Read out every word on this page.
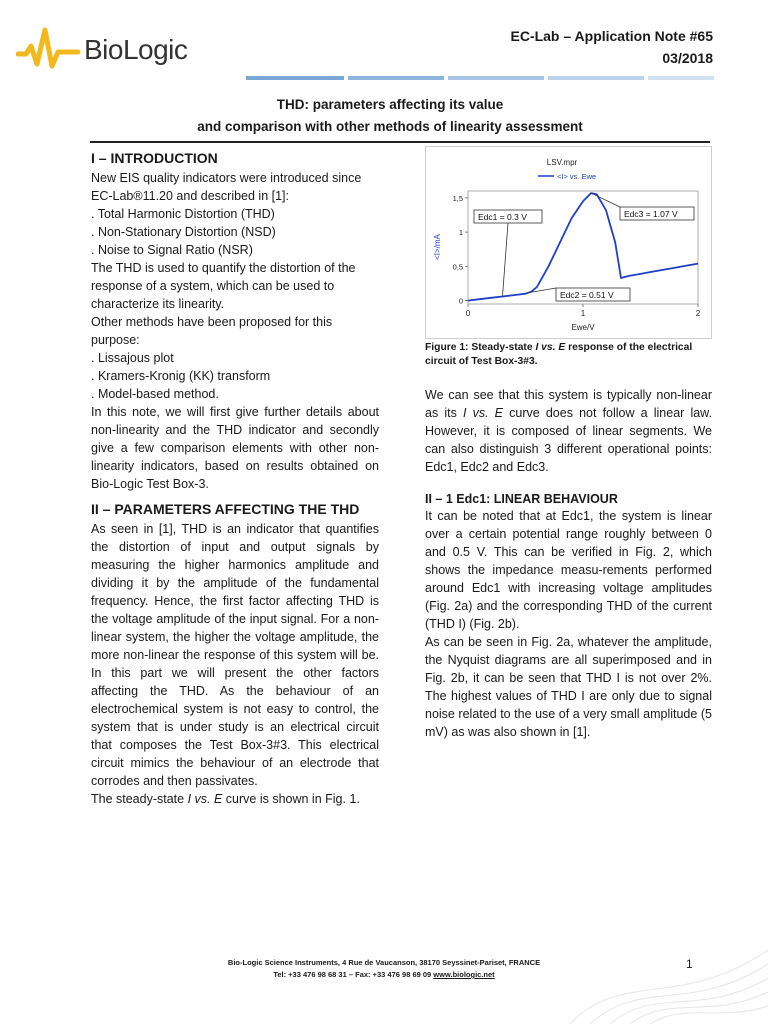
BioLogic	EC-Lab – Application Note #65
03/2018
THD: parameters affecting its value
and comparison with other methods of linearity assessment
I – INTRODUCTION
New EIS quality indicators were introduced since EC-Lab®11.20 and described in [1]:
. Total Harmonic Distortion (THD)
. Non-Stationary Distortion (NSD)
. Noise to Signal Ratio (NSR)
The THD is used to quantify the distortion of the response of a system, which can be used to characterize its linearity.
Other methods have been proposed for this purpose:
. Lissajous plot
. Kramers-Kronig (KK) transform
. Model-based method.
In this note, we will first give further details about non-linearity and the THD indicator and secondly give a few comparison elements with other non-linearity indicators, based on results obtained on Bio-Logic Test Box-3.
II – PARAMETERS AFFECTING THE THD
As seen in [1], THD is an indicator that quantifies the distortion of input and output signals by measuring the higher harmonics amplitude and dividing it by the amplitude of the fundamental frequency. Hence, the first factor affecting THD is the voltage amplitude of the input signal. For a non-linear system, the higher the voltage amplitude, the more non-linear the response of this system will be. In this part we will present the other factors affecting the THD. As the behaviour of an electrochemical system is not easy to control, the system that is under study is an electrical circuit that composes the Test Box-3#3. This electrical circuit mimics the behaviour of an electrode that corrodes and then passivates.
The steady-state I vs. E curve is shown in Fig. 1.
LSV.mpr
<I> vs. Ewe
0	1	2
0
0,5
1
1,5
Edc1 = 0.3 V
Edc2 = 0.51 V
Edc3 = 1.07 V
Ewe/V
<I>/mA
Figure 1: Steady-state I vs. E response of the electrical circuit of Test Box-3#3.
We can see that this system is typically non-linear as its I vs. E curve does not follow a linear law. However, it is composed of linear segments. We can also distinguish 3 different operational points: Edc1, Edc2 and Edc3.
II – 1 Edc1: LINEAR BEHAVIOUR
It can be noted that at Edc1, the system is linear over a certain potential range roughly between 0 and 0.5 V. This can be verified in Fig. 2, which shows the impedance measu-rements performed around Edc1 with increasing voltage amplitudes (Fig. 2a) and the corresponding THD of the current (THD I) (Fig. 2b).
As can be seen in Fig. 2a, whatever the amplitude, the Nyquist diagrams are all superimposed and in Fig. 2b, it can be seen that THD I is not over 2%. The highest values of THD I are only due to signal noise related to the use of a very small amplitude (5 mV) as was also shown in [1].
Bio-Logic Science Instruments, 4 Rue de Vaucanson, 38170 Seyssinet-Pariset, FRANCE
Tel: +33 476 98 68 31 – Fax: +33 476 98 69 09 www.biologic.net
1
